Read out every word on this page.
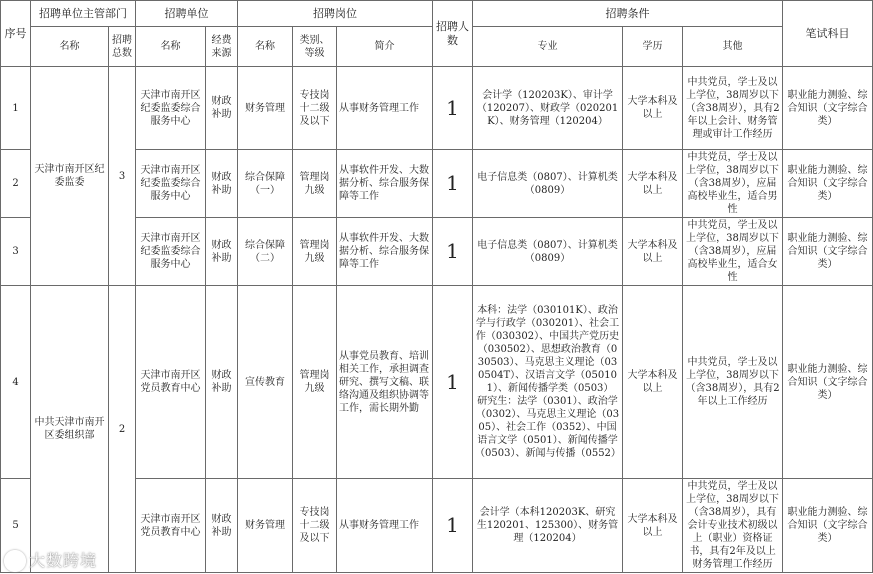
序号	招聘单位主管部门		招聘单位		招聘岗位			招聘人数	招聘条件			笔试科目
	名称	招聘总数	名称	经费来源	名称	类别、等级	简介		专业	学历	其他	
1	天津市南开区纪委监委	3	天津市南开区纪委监委综合服务中心	财政补助	财务管理	专技岗十二级及以下	从事财务管理工作	1	会计学（120203K）、审计学（120207）、财政学（020201K）、财务管理（120204）	大学本科及以上	中共党员，学士及以上学位，38周岁以下（含38周岁），具有2年以上会计、财务管理或审计工作经历	职业能力测验、综合知识（文字综合类）
2			天津市南开区纪委监委综合服务中心	财政补助	综合保障（一）	管理岗九级	从事软件开发、大数据分析、综合服务保障等工作	1	电子信息类（0807）、计算机类（0809）	大学本科及以上	中共党员，学士及以上学位，38周岁以下（含38周岁），应届高校毕业生，适合男性	职业能力测验、综合知识（文字综合类）
3			天津市南开区纪委监委综合服务中心	财政补助	综合保障（二）	管理岗九级	从事软件开发、大数据分析、综合服务保障等工作	1	电子信息类（0807）、计算机类（0809）	大学本科及以上	中共党员，学士及以上学位，38周岁以下（含38周岁），应届高校毕业生，适合女性	职业能力测验、综合知识（文字综合类）
4	中共天津市南开区委组织部	2	天津市南开区党员教育中心	财政补助	宣传教育	管理岗九级	从事党员教育、培训相关工作，承担调查研究、撰写文稿、联络沟通及组织协调等工作，需长期外勤	1	本科：法学（030101K）、政治学与行政学（030201）、社会工作（030302）、中国共产党历史（030502）、思想政治教育（030503）、马克思主义理论（030504T）、汉语言文学（050101）、新闻传播学类（0503）　　研究生：法学（0301）、政治学（0302）、马克思主义理论（0305）、社会工作（0352）、中国语言文学（0501）、新闻传播学（0503）、新闻与传播（0552）	大学本科及以上	中共党员，学士及以上学位，38周岁以下（含38周岁），具有2年以上工作经历	职业能力测验、综合知识（文字综合类）
5			天津市南开区党员教育中心	财政补助	财务管理	专技岗十二级及以下	从事财务管理工作	1	会计学（本科120203K、研究生120201、125300）、财务管理（120204）	大学本科及以上	中共党员，学士及以上学位，38周岁以下（含38周岁），具有会计专业技术初级以上（职业）资格证书，具有2年及以上财务管理工作经历	职业能力测验、综合知识（文字综合类）
大数跨境
